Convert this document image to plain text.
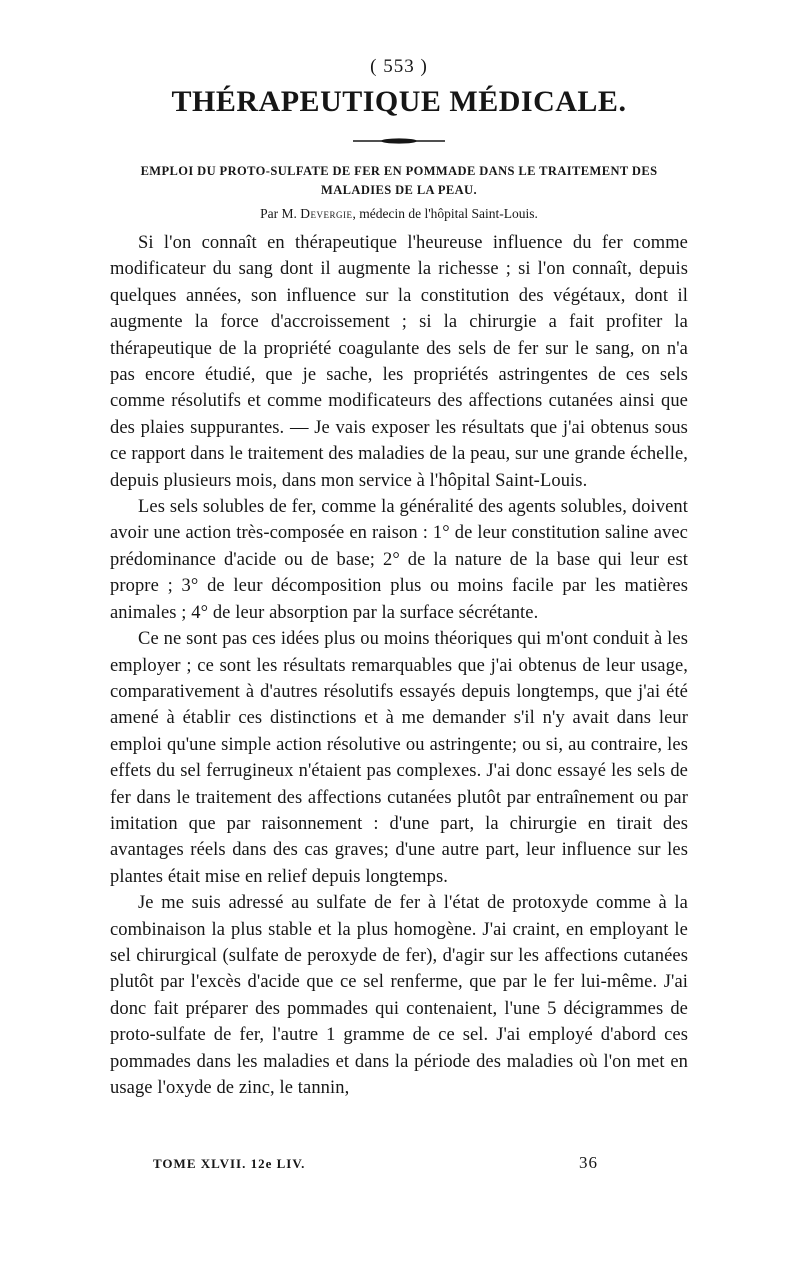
( 553 )
THÉRAPEUTIQUE MÉDICALE.
EMPLOI DU PROTO-SULFATE DE FER EN POMMADE DANS LE TRAITEMENT DES MALADIES DE LA PEAU.
Par M. Devergie, médecin de l'hôpital Saint-Louis.

Si l'on connaît en thérapeutique l'heureuse influence du fer comme modificateur du sang dont il augmente la richesse ; si l'on connaît, depuis quelques années, son influence sur la constitution des végétaux, dont il augmente la force d'accroissement ; si la chirurgie a fait profiter la thérapeutique de la propriété coagulante des sels de fer sur le sang, on n'a pas encore étudié, que je sache, les propriétés astringentes de ces sels comme résolutifs et comme modificateurs des affections cutanées ainsi que des plaies suppurantes. — Je vais exposer les résultats que j'ai obtenus sous ce rapport dans le traitement des maladies de la peau, sur une grande échelle, depuis plusieurs mois, dans mon service à l'hôpital Saint-Louis.

Les sels solubles de fer, comme la généralité des agents solubles, doivent avoir une action très-composée en raison : 1° de leur constitution saline avec prédominance d'acide ou de base; 2° de la nature de la base qui leur est propre ; 3° de leur décomposition plus ou moins facile par les matières animales ; 4° de leur absorption par la surface sécrétante.

Ce ne sont pas ces idées plus ou moins théoriques qui m'ont conduit à les employer ; ce sont les résultats remarquables que j'ai obtenus de leur usage, comparativement à d'autres résolutifs essayés depuis longtemps, que j'ai été amené à établir ces distinctions et à me demander s'il n'y avait dans leur emploi qu'une simple action résolutive ou astringente; ou si, au contraire, les effets du sel ferrugineux n'étaient pas complexes. J'ai donc essayé les sels de fer dans le traitement des affections cutanées plutôt par entraînement ou par imitation que par raisonnement : d'une part, la chirurgie en tirait des avantages réels dans des cas graves; d'une autre part, leur influence sur les plantes était mise en relief depuis longtemps.

Je me suis adressé au sulfate de fer à l'état de protoxyde comme à la combinaison la plus stable et la plus homogène. J'ai craint, en employant le sel chirurgical (sulfate de peroxyde de fer), d'agir sur les affections cutanées plutôt par l'excès d'acide que ce sel renferme, que par le fer lui-même. J'ai donc fait préparer des pommades qui contenaient, l'une 5 décigrammes de proto-sulfate de fer, l'autre 1 gramme de ce sel. J'ai employé d'abord ces pommades dans les maladies et dans la période des maladies où l'on met en usage l'oxyde de zinc, le tannin,

TOME XLVII. 12e LIV.	36
